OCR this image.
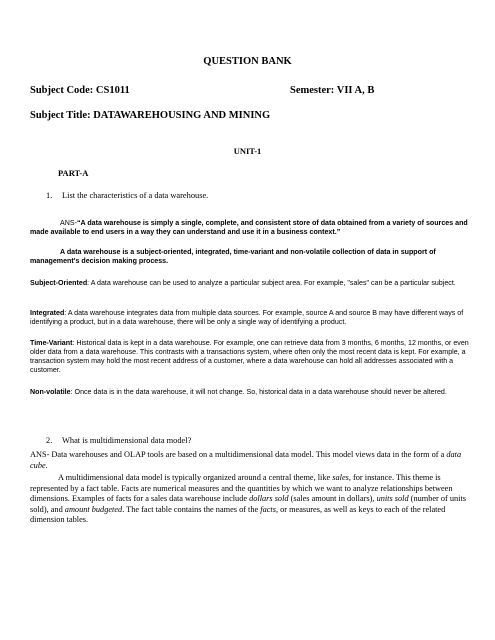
QUESTION BANK
Subject Code: CS1011	Semester: VII A, B
Subject Title: DATAWAREHOUSING AND MINING
UNIT-1
PART-A
1. List the characteristics of a data warehouse.

ANS-“A data warehouse is simply a single, complete, and consistent store of data obtained from a variety of sources and made available to end users in a way they can understand and use it in a business context.”

A data warehouse is a subject-oriented, integrated, time-variant and non-volatile collection of data in support of management's decision making process.

Subject-Oriented: A data warehouse can be used to analyze a particular subject area. For example, "sales" can be a particular subject.

Integrated: A data warehouse integrates data from multiple data sources. For example, source A and source B may have different ways of identifying a product, but in a data warehouse, there will be only a single way of identifying a product.

Time-Variant: Historical data is kept in a data warehouse. For example, one can retrieve data from 3 months, 6 months, 12 months, or even older data from a data warehouse. This contrasts with a transactions system, where often only the most recent data is kept. For example, a transaction system may hold the most recent address of a customer, where a data warehouse can hold all addresses associated with a customer.

Non-volatile: Once data is in the data warehouse, it will not change. So, historical data in a data warehouse should never be altered.

2. What is multidimensional data model?

ANS- Data warehouses and OLAP tools are based on a multidimensional data model. This model views data in the form of a data cube.

A multidimensional data model is typically organized around a central theme, like sales, for instance. This theme is represented by a fact table. Facts are numerical measures and the quantities by which we want to analyze relationships between dimensions. Examples of facts for a sales data warehouse include dollars sold (sales amount in dollars), units sold (number of units sold), and amount budgeted. The fact table contains the names of the facts, or measures, as well as keys to each of the related dimension tables.
